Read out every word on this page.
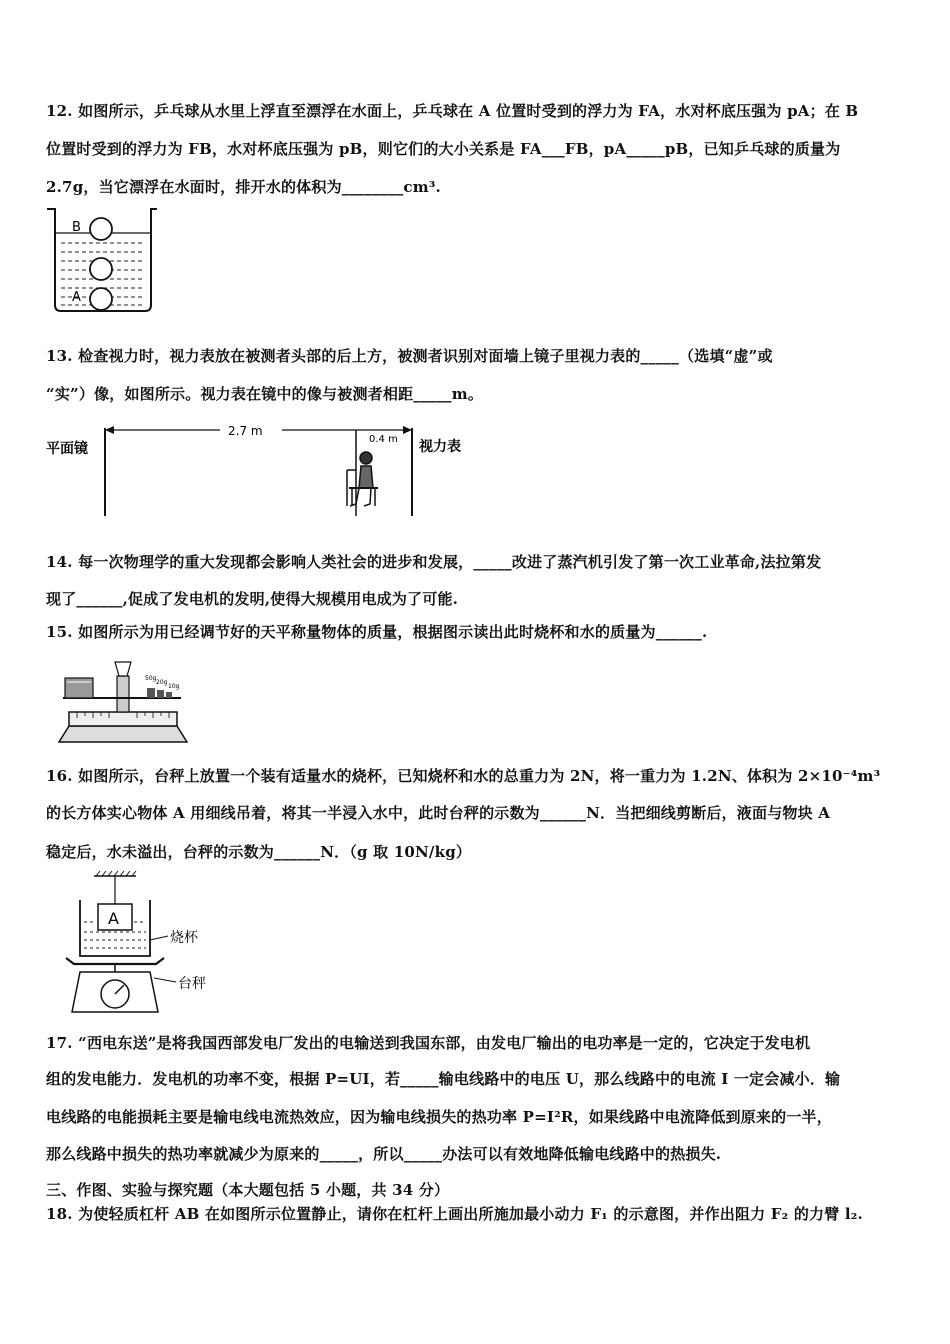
12. 如图所示，乒乓球从水里上浮直至漂浮在水面上，乒乓球在 A 位置时受到的浮力为 FA，水对杯底压强为 pA；在 B
位置时受到的浮力为 FB，水对杯底压强为 pB，则它们的大小关系是 FA___FB，pA_____pB，已知乒乓球的质量为
2.7g，当它漂浮在水面时，排开水的体积为________cm³.
B
A
13. 检查视力时，视力表放在被测者头部的后上方，被测者识别对面墙上镜子里视力表的_____（选填“虚”或
“实”）像，如图所示。视力表在镜中的像与被测者相距_____m。
平面镜
2.7 m
0.4 m 视力表
14. 每一次物理学的重大发现都会影响人类社会的进步和发展，_____改进了蒸汽机引发了第一次工业革命,法拉第发
现了______,促成了发电机的发明,使得大规模用电成为了可能.
15. 如图所示为用已经调节好的天平称量物体的质量，根据图示读出此时烧杯和水的质量为______.
50g
20g
10g
16. 如图所示，台秤上放置一个装有适量水的烧杯，已知烧杯和水的总重力为 2N，将一重力为 1.2N、体积为 2×10⁻⁴m³
的长方体实心物体 A 用细线吊着，将其一半浸入水中，此时台秤的示数为______N．当把细线剪断后，液面与物块 A
稳定后，水未溢出，台秤的示数为______N．（g 取 10N/kg）
A
烧杯
台秤
17. “西电东送”是将我国西部发电厂发出的电输送到我国东部，由发电厂输出的电功率是一定的，它决定于发电机
组的发电能力．发电机的功率不变，根据 P=UI，若_____输电线路中的电压 U，那么线路中的电流 I 一定会减小．输
电线路的电能损耗主要是输电线电流热效应，因为输电线损失的热功率 P=I²R，如果线路中电流降低到原来的一半，
那么线路中损失的热功率就减少为原来的_____，所以_____办法可以有效地降低输电线路中的热损失.
三、作图、实验与探究题（本大题包括 5 小题，共 34 分）
18. 为使轻质杠杆 AB 在如图所示位置静止，请你在杠杆上画出所施加最小动力 F₁ 的示意图，并作出阻力 F₂ 的力臂 l₂.
